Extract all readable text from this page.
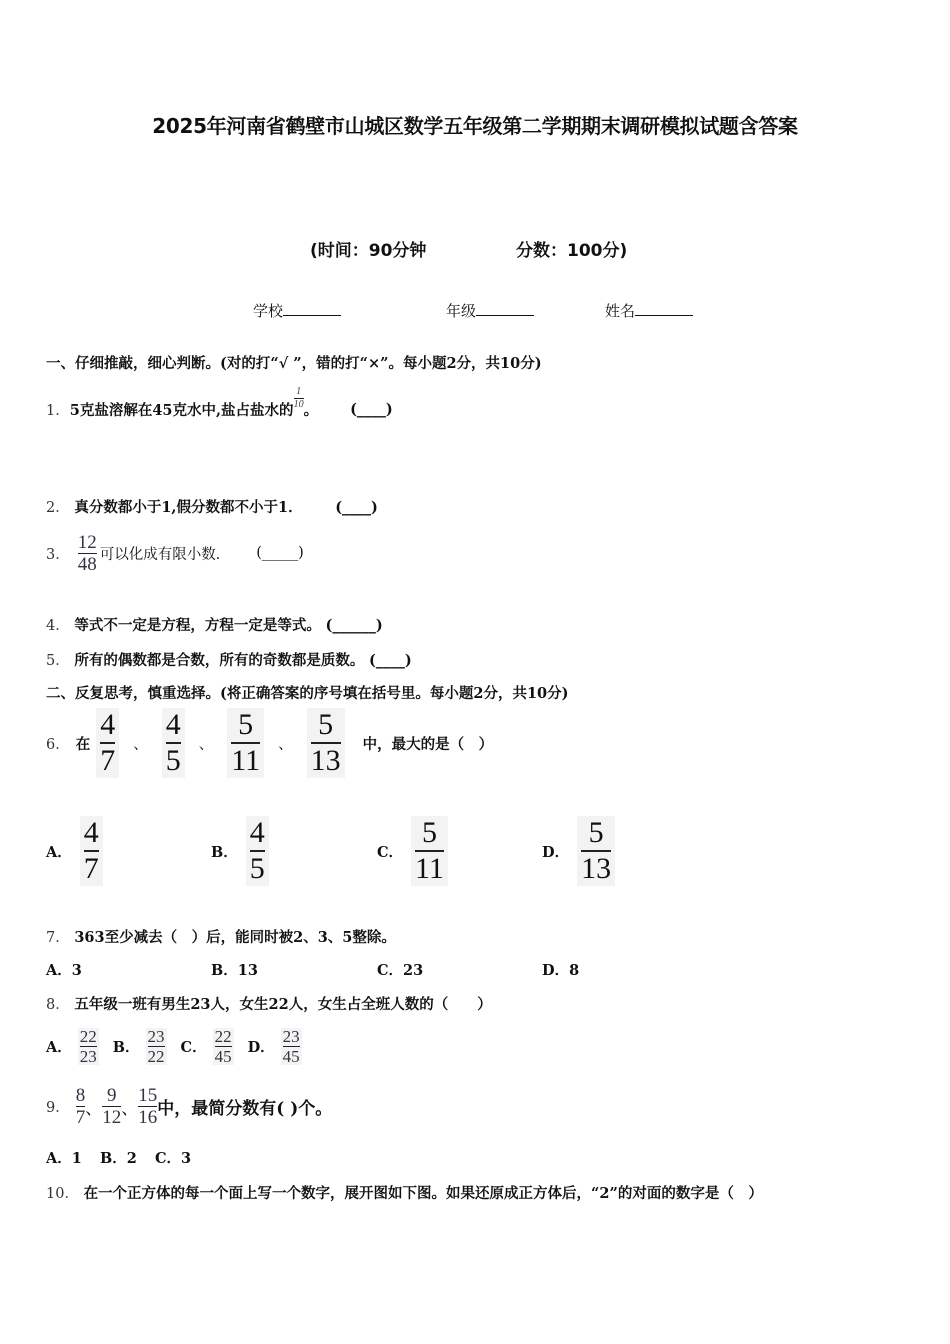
2025年河南省鹤壁市山城区数学五年级第二学期期末调研模拟试题含答案
(时间：90分钟	分数：100分)
学校	年级	姓名
一、仔细推敲，细心判断。(对的打“√ ”，错的打“×”。每小题2分，共10分)
1． 5克盐溶解在45克水中,盐占盐水的
$\frac{1}{10}$
。 (____)
2． 真分数都小于1,假分数都不小于1． (____)
3． $\frac{12}{48}$ 可以化成有限小数． (_____)
4． 等式不一定是方程，方程一定是等式。 (______)
5． 所有的偶数都是合数，所有的奇数都是质数。 (____)
二、反复思考，慎重选择。(将正确答案的序号填在括号里。每小题2分，共10分)
6． 在 $\frac{4}{7}$ 、 $\frac{4}{5}$ 、 $\frac{5}{11}$ 、 $\frac{5}{13}$ 中，最大的是（　）
A． $\frac{4}{7}$	B． $\frac{4}{5}$	C． $\frac{5}{11}$	D． $\frac{5}{13}$
7． 363至少减去（　）后，能同时被2、3、5整除。
A．3	B．13	C．23	D．8
8． 五年级一班有男生23人，女生22人，女生占全班人数的（　　）
A． $\frac{22}{23}$ B． $\frac{23}{22}$ C． $\frac{22}{45}$ D． $\frac{23}{45}$
9． $\frac{8}{7}$ 、 $\frac{9}{12}$ 、 $\frac{15}{16}$ 中，最简分数有( )个。
A．1 B．2 C．3
10． 在一个正方体的每一个面上写一个数字，展开图如下图。如果还原成正方体后，“2”的对面的数字是（　）
